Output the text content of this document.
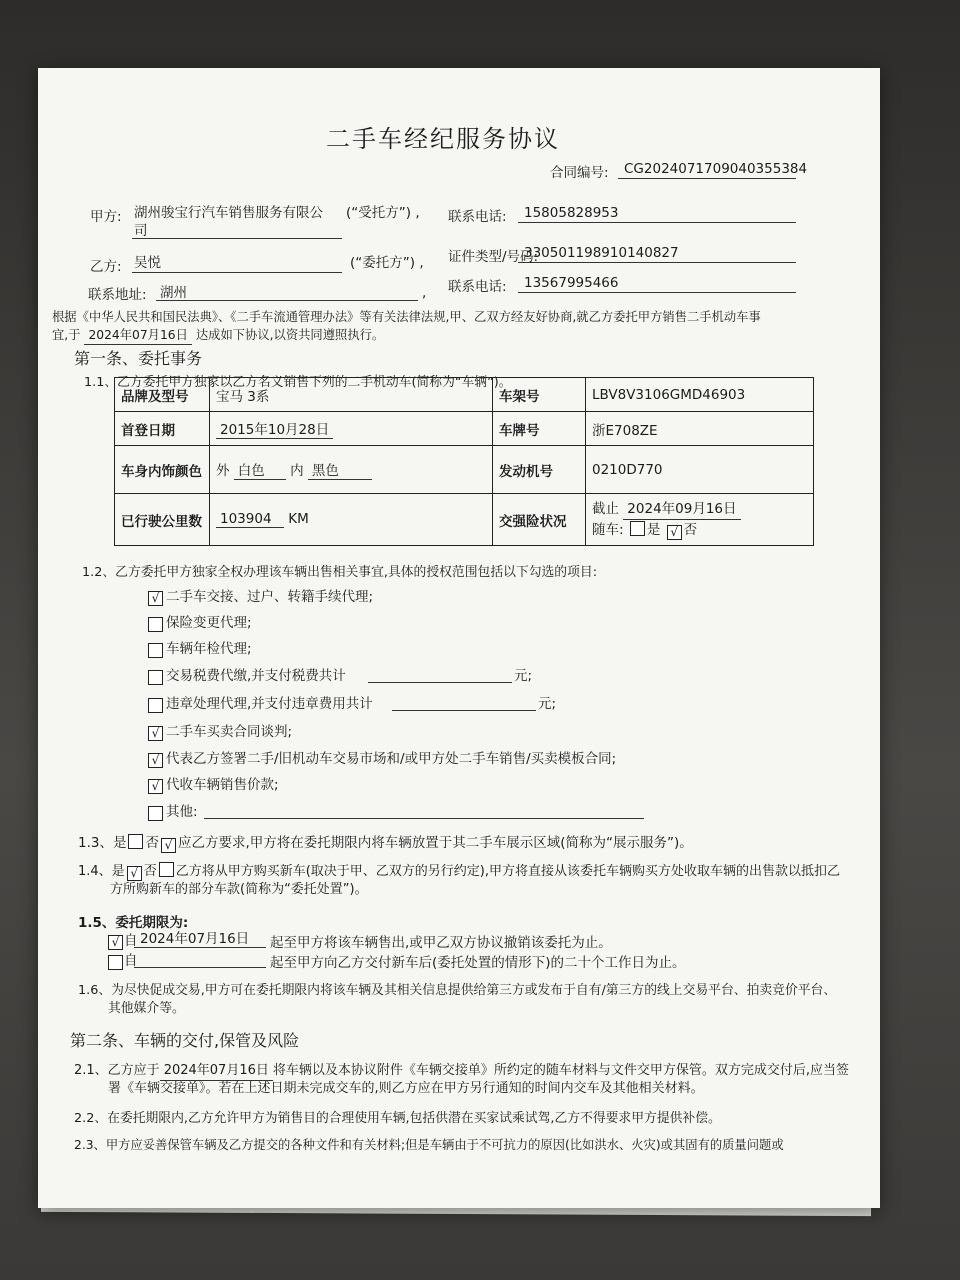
二手车经纪服务协议
合同编号: CG2024071709040355384
甲方: 湖州骏宝行汽车销售服务有限公
司
(“受托方”) , 联系电话: 15805828953
乙方: 吴悦	(“委托方”) , 证件类型/号码:
330501198910140827
联系地址: 湖州	, 联系电话: 13567995466
根据《中华人民共和国民法典》、《二手车流通管理办法》等有关法律法规,甲、乙双方经友好协商,就乙方委托甲方销售二手机动车事
宜,于 2024年07月16日 达成如下协议,以资共同遵照执行。
第一条、委托事务
1.1、乙方委托甲方独家以乙方名义销售下列的二手机动车(简称为“车辆”)。
品牌及型号	宝马 3系	车架号	LBV8V3106GMD46903
首登日期	2015年10月28日	车牌号	浙E708ZE
车身内饰颜色	外 白色 内 黑色	发动机号	0210D770
已行驶公里数	103904 KM	交强险状况	截止 2024年09月16日
随车: 是 √ 否
1.2、乙方委托甲方独家全权办理该车辆出售相关事宜,具体的授权范围包括以下勾选的项目:
√ 二手车交接、过户、转籍手续代理;
保险变更代理;
车辆年检代理;
交易税费代缴,并支付税费共计	元;
违章处理代理,并支付违章费用共计	元;
√ 二手车买卖合同谈判;
√ 代表乙方签署二手/旧机动车交易市场和/或甲方处二手车销售/买卖模板合同;
√ 代收车辆销售价款;
其他:
1.3、是 否 √ 应乙方要求,甲方将在委托期限内将车辆放置于其二手车展示区域(简称为“展示服务”)。
1.4、是 √ 否 乙方将从甲方购买新车(取决于甲、乙双方的另行约定),甲方将直接从该委托车辆购买方处收取车辆的出售款以抵扣乙
方所购新车的部分车款(简称为“委托处置”)。
1.5、委托期限为:
√ 自 2024年07月16日 起至甲方将该车辆售出,或甲乙双方协议撤销该委托为止。
自	起至甲方向乙方交付新车后(委托处置的情形下)的二十个工作日为止。
1.6、为尽快促成交易,甲方可在委托期限内将该车辆及其相关信息提供给第三方或发布于自有/第三方的线上交易平台、拍卖竞价平台、
其他媒介等。
第二条、车辆的交付,保管及风险
2.1、乙方应于 2024年07月16日 将车辆以及本协议附件《车辆交接单》所约定的随车材料与文件交甲方保管。双方完成交付后,应当签
署《车辆交接单》。若在上述日期未完成交车的,则乙方应在甲方另行通知的时间内交车及其他相关材料。
2.2、在委托期限内,乙方允许甲方为销售目的合理使用车辆,包括供潜在买家试乘试驾,乙方不得要求甲方提供补偿。
2.3、甲方应妥善保管车辆及乙方提交的各种文件和有关材料;但是车辆由于不可抗力的原因(比如洪水、火灾)或其固有的质量问题或
